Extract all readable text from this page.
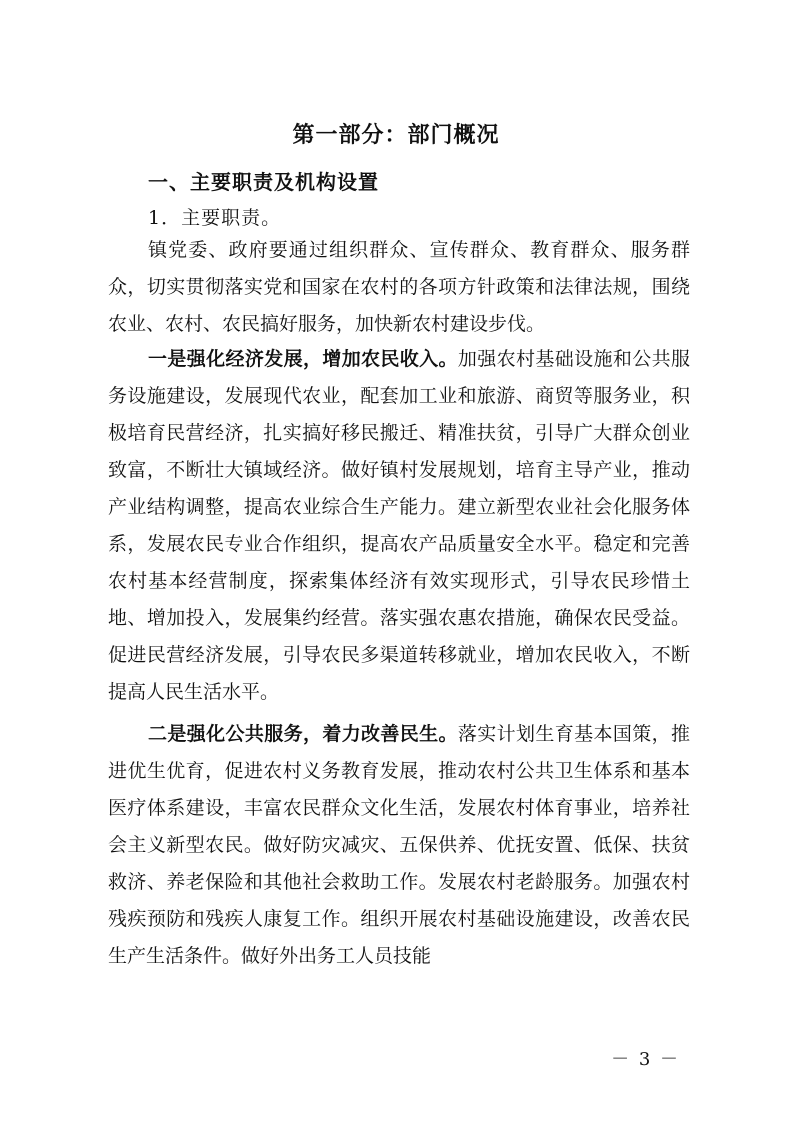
第一部分：部门概况
一、主要职责及机构设置
1．主要职责。

镇党委、政府要通过组织群众、宣传群众、教育群众、服务群众，切实贯彻落实党和国家在农村的各项方针政策和法律法规，围绕农业、农村、农民搞好服务，加快新农村建设步伐。

一是强化经济发展，增加农民收入。加强农村基础设施和公共服务设施建设，发展现代农业，配套加工业和旅游、商贸等服务业，积极培育民营经济，扎实搞好移民搬迁、精准扶贫，引导广大群众创业致富，不断壮大镇域经济。做好镇村发展规划，培育主导产业，推动产业结构调整，提高农业综合生产能力。建立新型农业社会化服务体系，发展农民专业合作组织，提高农产品质量安全水平。稳定和完善农村基本经营制度，探索集体经济有效实现形式，引导农民珍惜土地、增加投入，发展集约经营。落实强农惠农措施，确保农民受益。促进民营经济发展，引导农民多渠道转移就业，增加农民收入，不断提高人民生活水平。

二是强化公共服务，着力改善民生。落实计划生育基本国策，推进优生优育，促进农村义务教育发展，推动农村公共卫生体系和基本医疗体系建设，丰富农民群众文化生活，发展农村体育事业，培养社会主义新型农民。做好防灾减灾、五保供养、优抚安置、低保、扶贫救济、养老保险和其他社会救助工作。发展农村老龄服务。加强农村残疾预防和残疾人康复工作。组织开展农村基础设施建设，改善农民生产生活条件。做好外出务工人员技能

－ 3 －
